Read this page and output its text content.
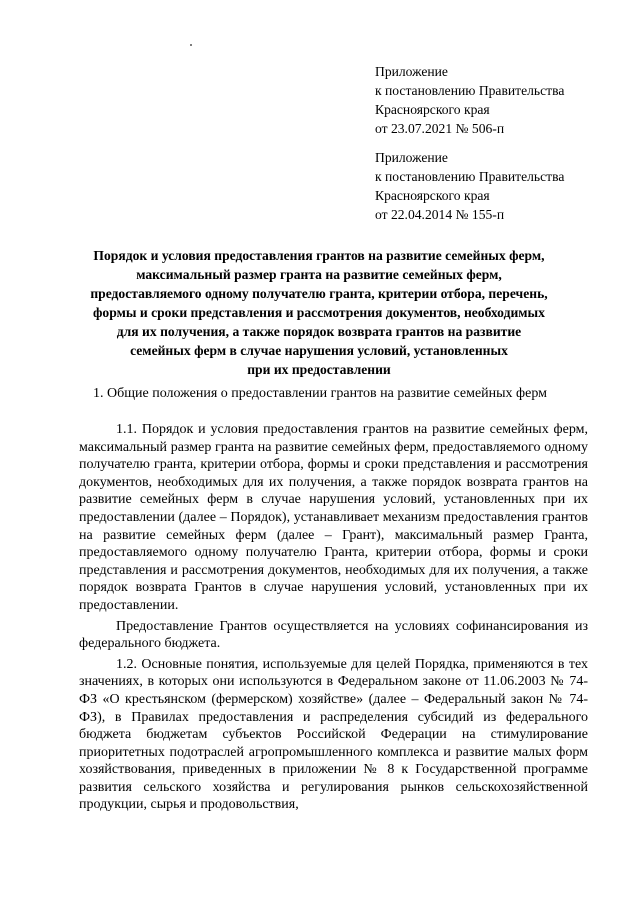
Приложение
к постановлению Правительства
Красноярского края
от 23.07.2021 № 506-п
Приложение
к постановлению Правительства
Красноярского края
от 22.04.2014 № 155-п
Порядок и условия предоставления грантов на развитие семейных ферм,
максимальный размер гранта на развитие семейных ферм,
предоставляемого одному получателю гранта, критерии отбора, перечень,
формы и сроки представления и рассмотрения документов, необходимых
для их получения, а также порядок возврата грантов на развитие
семейных ферм в случае нарушения условий, установленных
при их предоставлении
1. Общие положения о предоставлении грантов на развитие семейных ферм

1.1. Порядок и условия предоставления грантов на развитие семейных ферм, максимальный размер гранта на развитие семейных ферм, предоставляемого одному получателю гранта, критерии отбора, формы и сроки представления и рассмотрения документов, необходимых для их получения, а также порядок возврата грантов на развитие семейных ферм в случае нарушения условий, установленных при их предоставлении (далее – Порядок), устанавливает механизм предоставления грантов на развитие семейных ферм (далее – Грант), максимальный размер Гранта, предоставляемого одному получателю Гранта, критерии отбора, формы и сроки представления и рассмотрения документов, необходимых для их получения, а также порядок возврата Грантов в случае нарушения условий, установленных при их предоставлении.

Предоставление Грантов осуществляется на условиях софинансирования из федерального бюджета.

1.2. Основные понятия, используемые для целей Порядка, применяются в тех значениях, в которых они используются в Федеральном законе от 11.06.2003 № 74-ФЗ «О крестьянском (фермерском) хозяйстве» (далее – Федеральный закон № 74-ФЗ), в Правилах предоставления и распределения субсидий из федерального бюджета бюджетам субъектов Российской Федерации на стимулирование приоритетных подотраслей агропромышленного комплекса и развитие малых форм хозяйствования, приведенных в приложении № 8 к Государственной программе развития сельского хозяйства и регулирования рынков сельскохозяйственной продукции, сырья и продовольствия,
